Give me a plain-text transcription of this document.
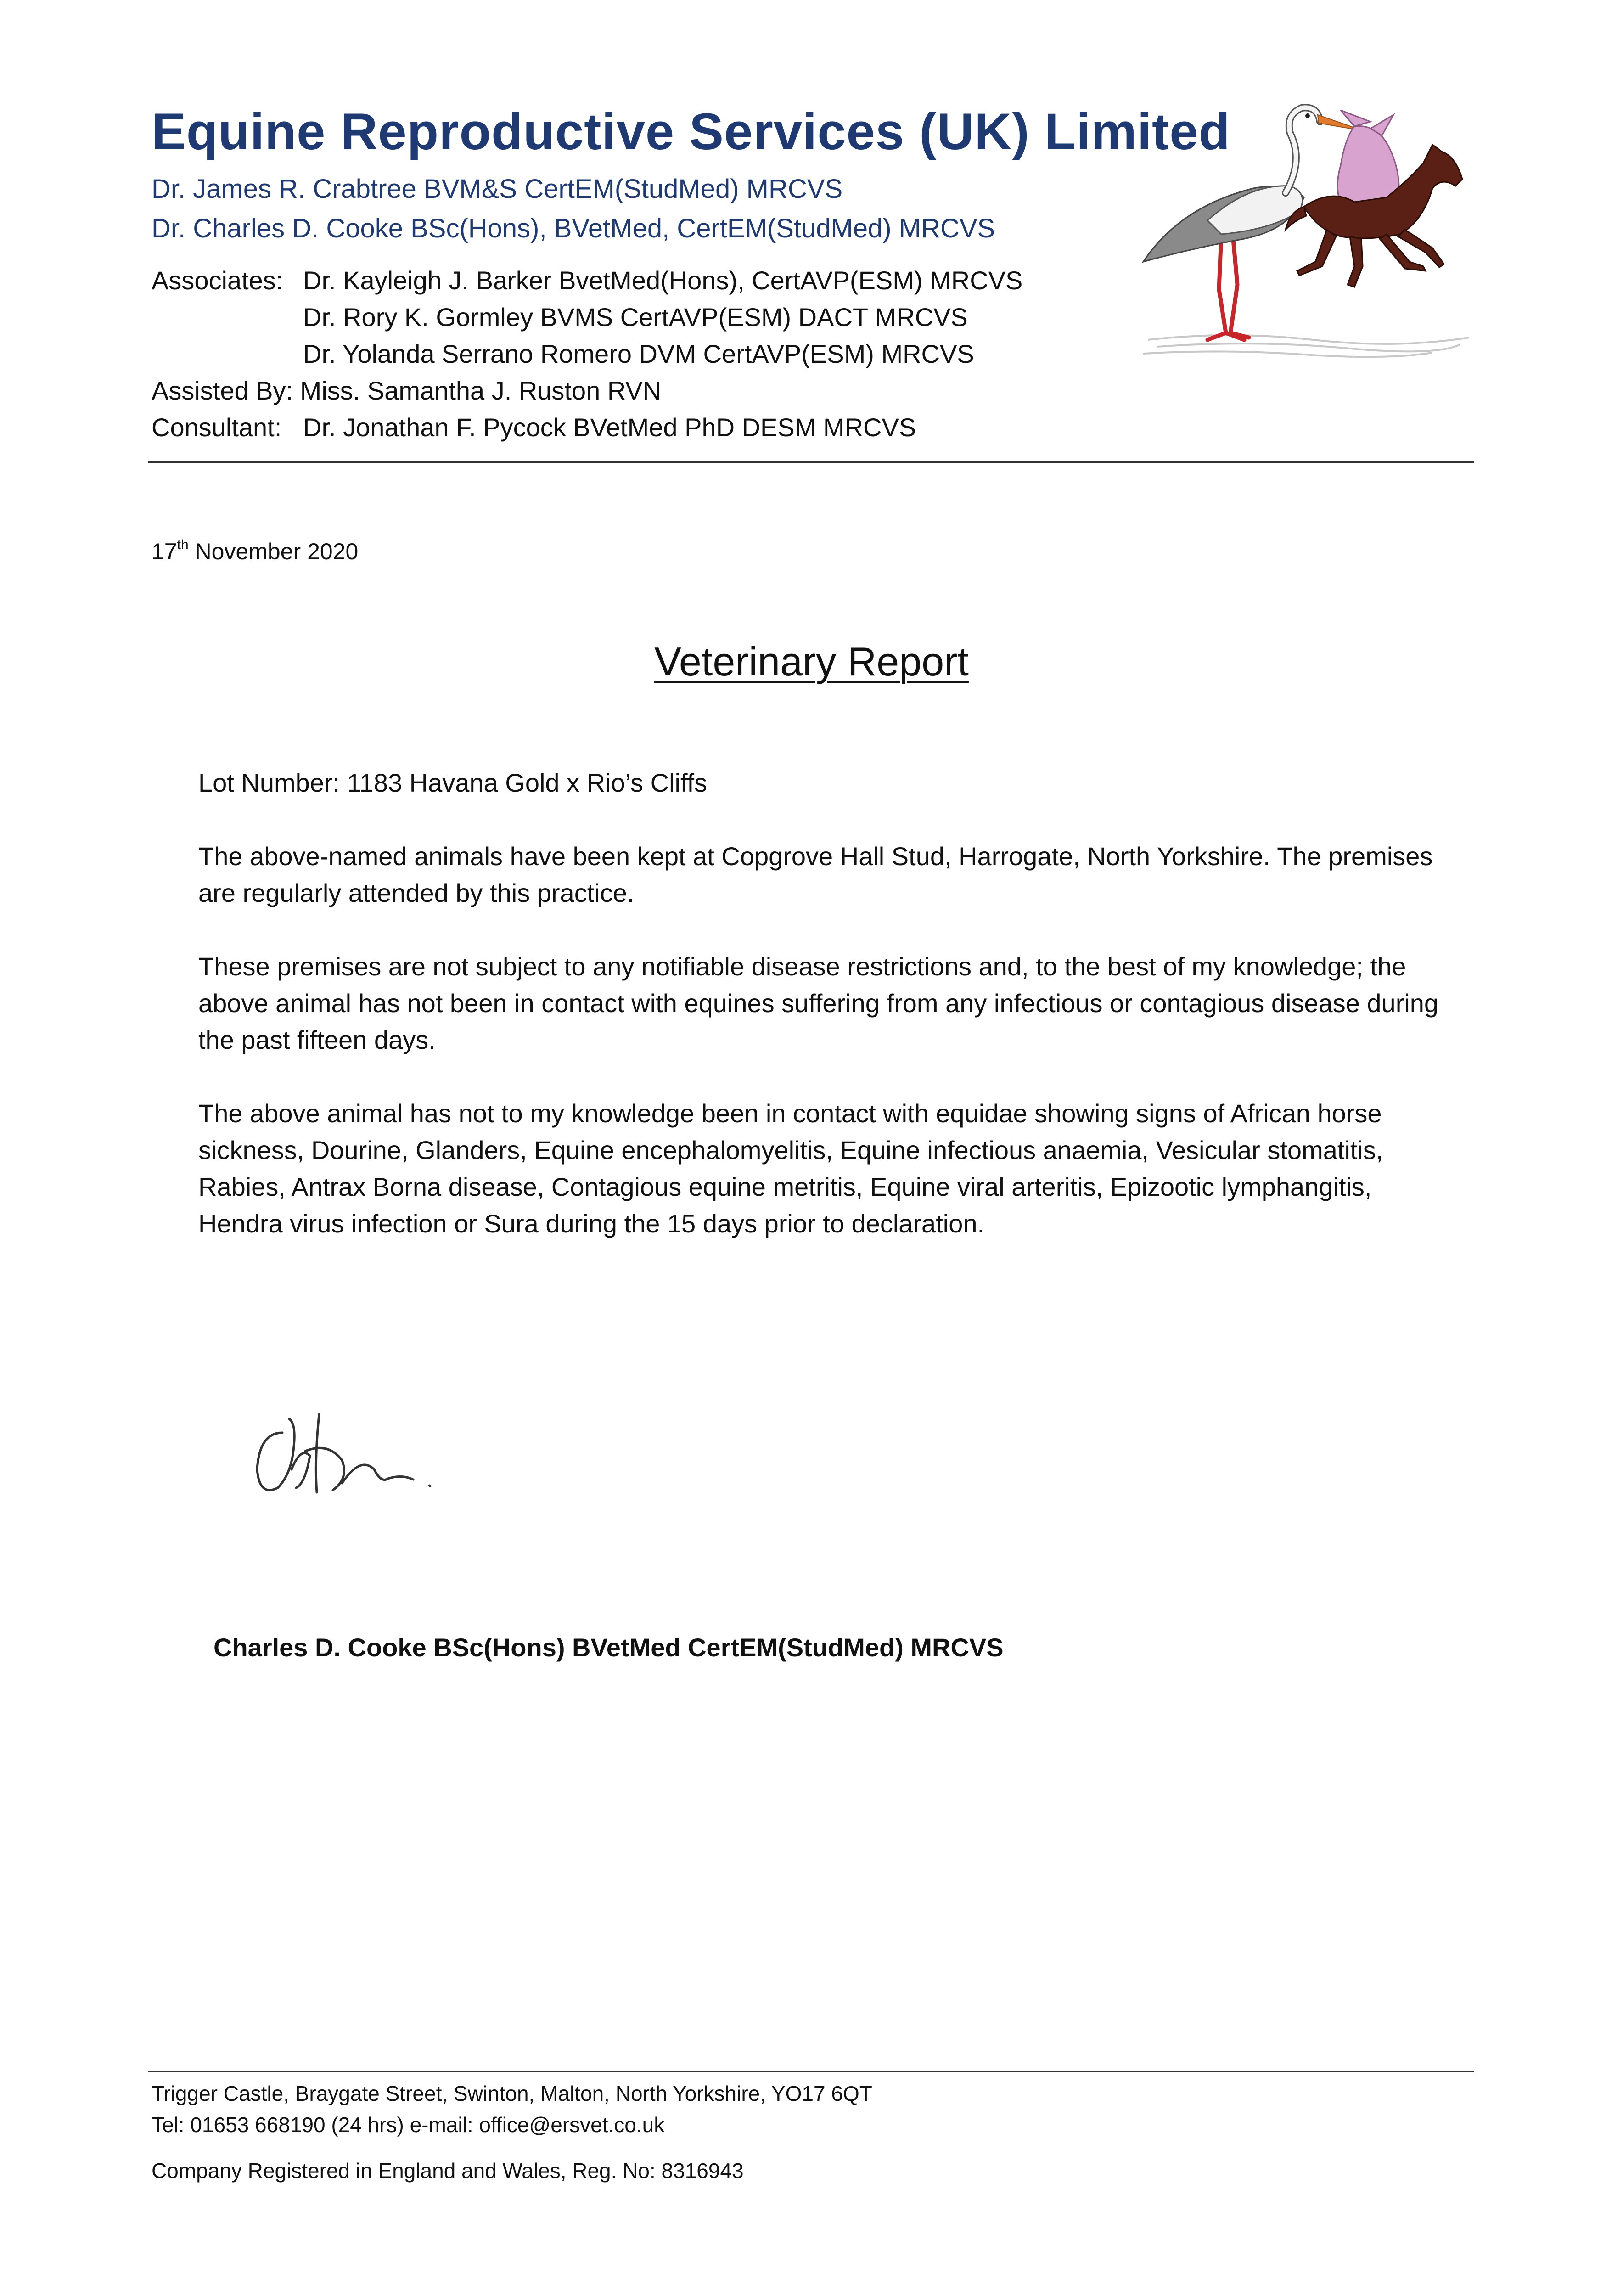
Equine Reproductive Services (UK) Limited
Dr. James R. Crabtree BVM&S CertEM(StudMed) MRCVS
Dr. Charles D. Cooke BSc(Hons), BVetMed, CertEM(StudMed) MRCVS
Associates: Dr. Kayleigh J. Barker BvetMed(Hons), CertAVP(ESM) MRCVS
Dr. Rory K. Gormley BVMS CertAVP(ESM) DACT MRCVS
Dr. Yolanda Serrano Romero DVM CertAVP(ESM) MRCVS
Assisted By: Miss. Samantha J. Ruston RVN
Consultant: Dr. Jonathan F. Pycock BVetMed PhD DESM MRCVS
17th November 2020
Veterinary Report
Lot Number: 1183 Havana Gold x Rio’s Cliffs
The above-named animals have been kept at Copgrove Hall Stud, Harrogate, North Yorkshire. The premises are regularly attended by this practice.
These premises are not subject to any notifiable disease restrictions and, to the best of my knowledge; the above animal has not been in contact with equines suffering from any infectious or contagious disease during the past fifteen days.
The above animal has not to my knowledge been in contact with equidae showing signs of African horse sickness, Dourine, Glanders, Equine encephalomyelitis, Equine infectious anaemia, Vesicular stomatitis, Rabies, Antrax Borna disease, Contagious equine metritis, Equine viral arteritis, Epizootic lymphangitis, Hendra virus infection or Sura during the 15 days prior to declaration.
Charles D. Cooke BSc(Hons) BVetMed CertEM(StudMed) MRCVS
Trigger Castle, Braygate Street, Swinton, Malton, North Yorkshire, YO17 6QT
Tel: 01653 668190 (24 hrs) e-mail: office@ersvet.co.uk
Company Registered in England and Wales, Reg. No: 8316943
